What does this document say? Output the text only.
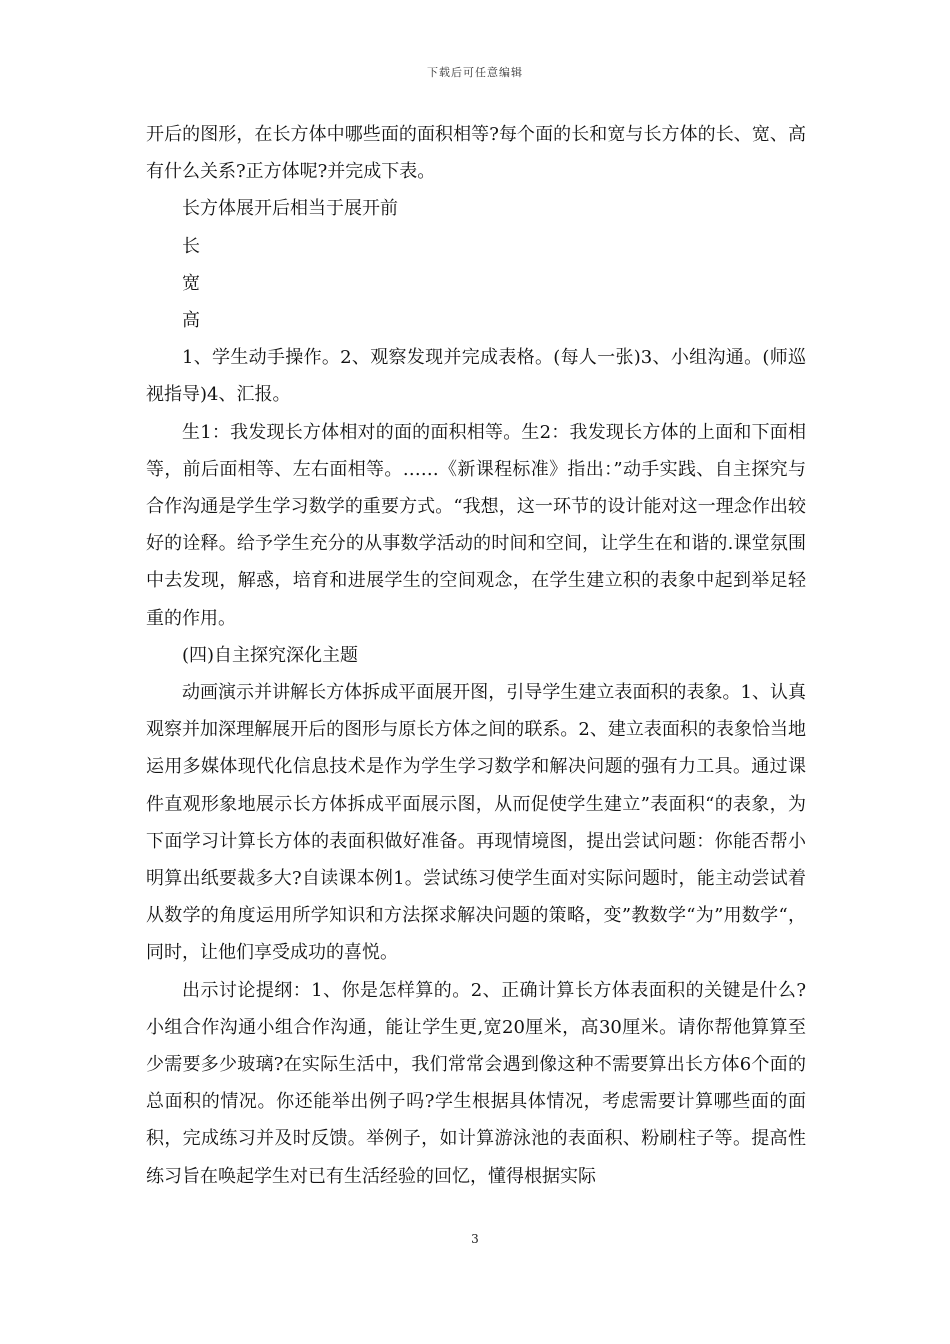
下载后可任意编辑

开后的图形，在长方体中哪些面的面积相等?每个面的长和宽与长方体的长、宽、高有什么关系?正方体呢?并完成下表。

长方体展开后相当于展开前

长

宽

高

1、学生动手操作。2、观察发现并完成表格。(每人一张)3、小组沟通。(师巡视指导)4、汇报。

生1：我发现长方体相对的面的面积相等。生2：我发现长方体的上面和下面相等，前后面相等、左右面相等。……《新课程标准》指出：”动手实践、自主探究与合作沟通是学生学习数学的重要方式。“我想，这一环节的设计能对这一理念作出较好的诠释。给予学生充分的从事数学活动的时间和空间，让学生在和谐的.课堂氛围中去发现，解惑，培育和进展学生的空间观念，在学生建立积的表象中起到举足轻重的作用。

(四)自主探究深化主题

动画演示并讲解长方体拆成平面展开图，引导学生建立表面积的表象。1、认真观察并加深理解展开后的图形与原长方体之间的联系。2、建立表面积的表象恰当地运用多媒体现代化信息技术是作为学生学习数学和解决问题的强有力工具。通过课件直观形象地展示长方体拆成平面展示图，从而促使学生建立”表面积“的表象，为下面学习计算长方体的表面积做好准备。再现情境图，提出尝试问题：你能否帮小明算出纸要裁多大?自读课本例1。尝试练习使学生面对实际问题时，能主动尝试着从数学的角度运用所学知识和方法探求解决问题的策略，变”教数学“为”用数学“，同时，让他们享受成功的喜悦。

出示讨论提纲：1、你是怎样算的。2、正确计算长方体表面积的关键是什么?小组合作沟通小组合作沟通，能让学生更,宽20厘米，高30厘米。请你帮他算算至少需要多少玻璃?在实际生活中，我们常常会遇到像这种不需要算出长方体6个面的总面积的情况。你还能举出例子吗?学生根据具体情况，考虑需要计算哪些面的面积，完成练习并及时反馈。举例子，如计算游泳池的表面积、粉刷柱子等。提高性练习旨在唤起学生对已有生活经验的回忆，懂得根据实际

3
